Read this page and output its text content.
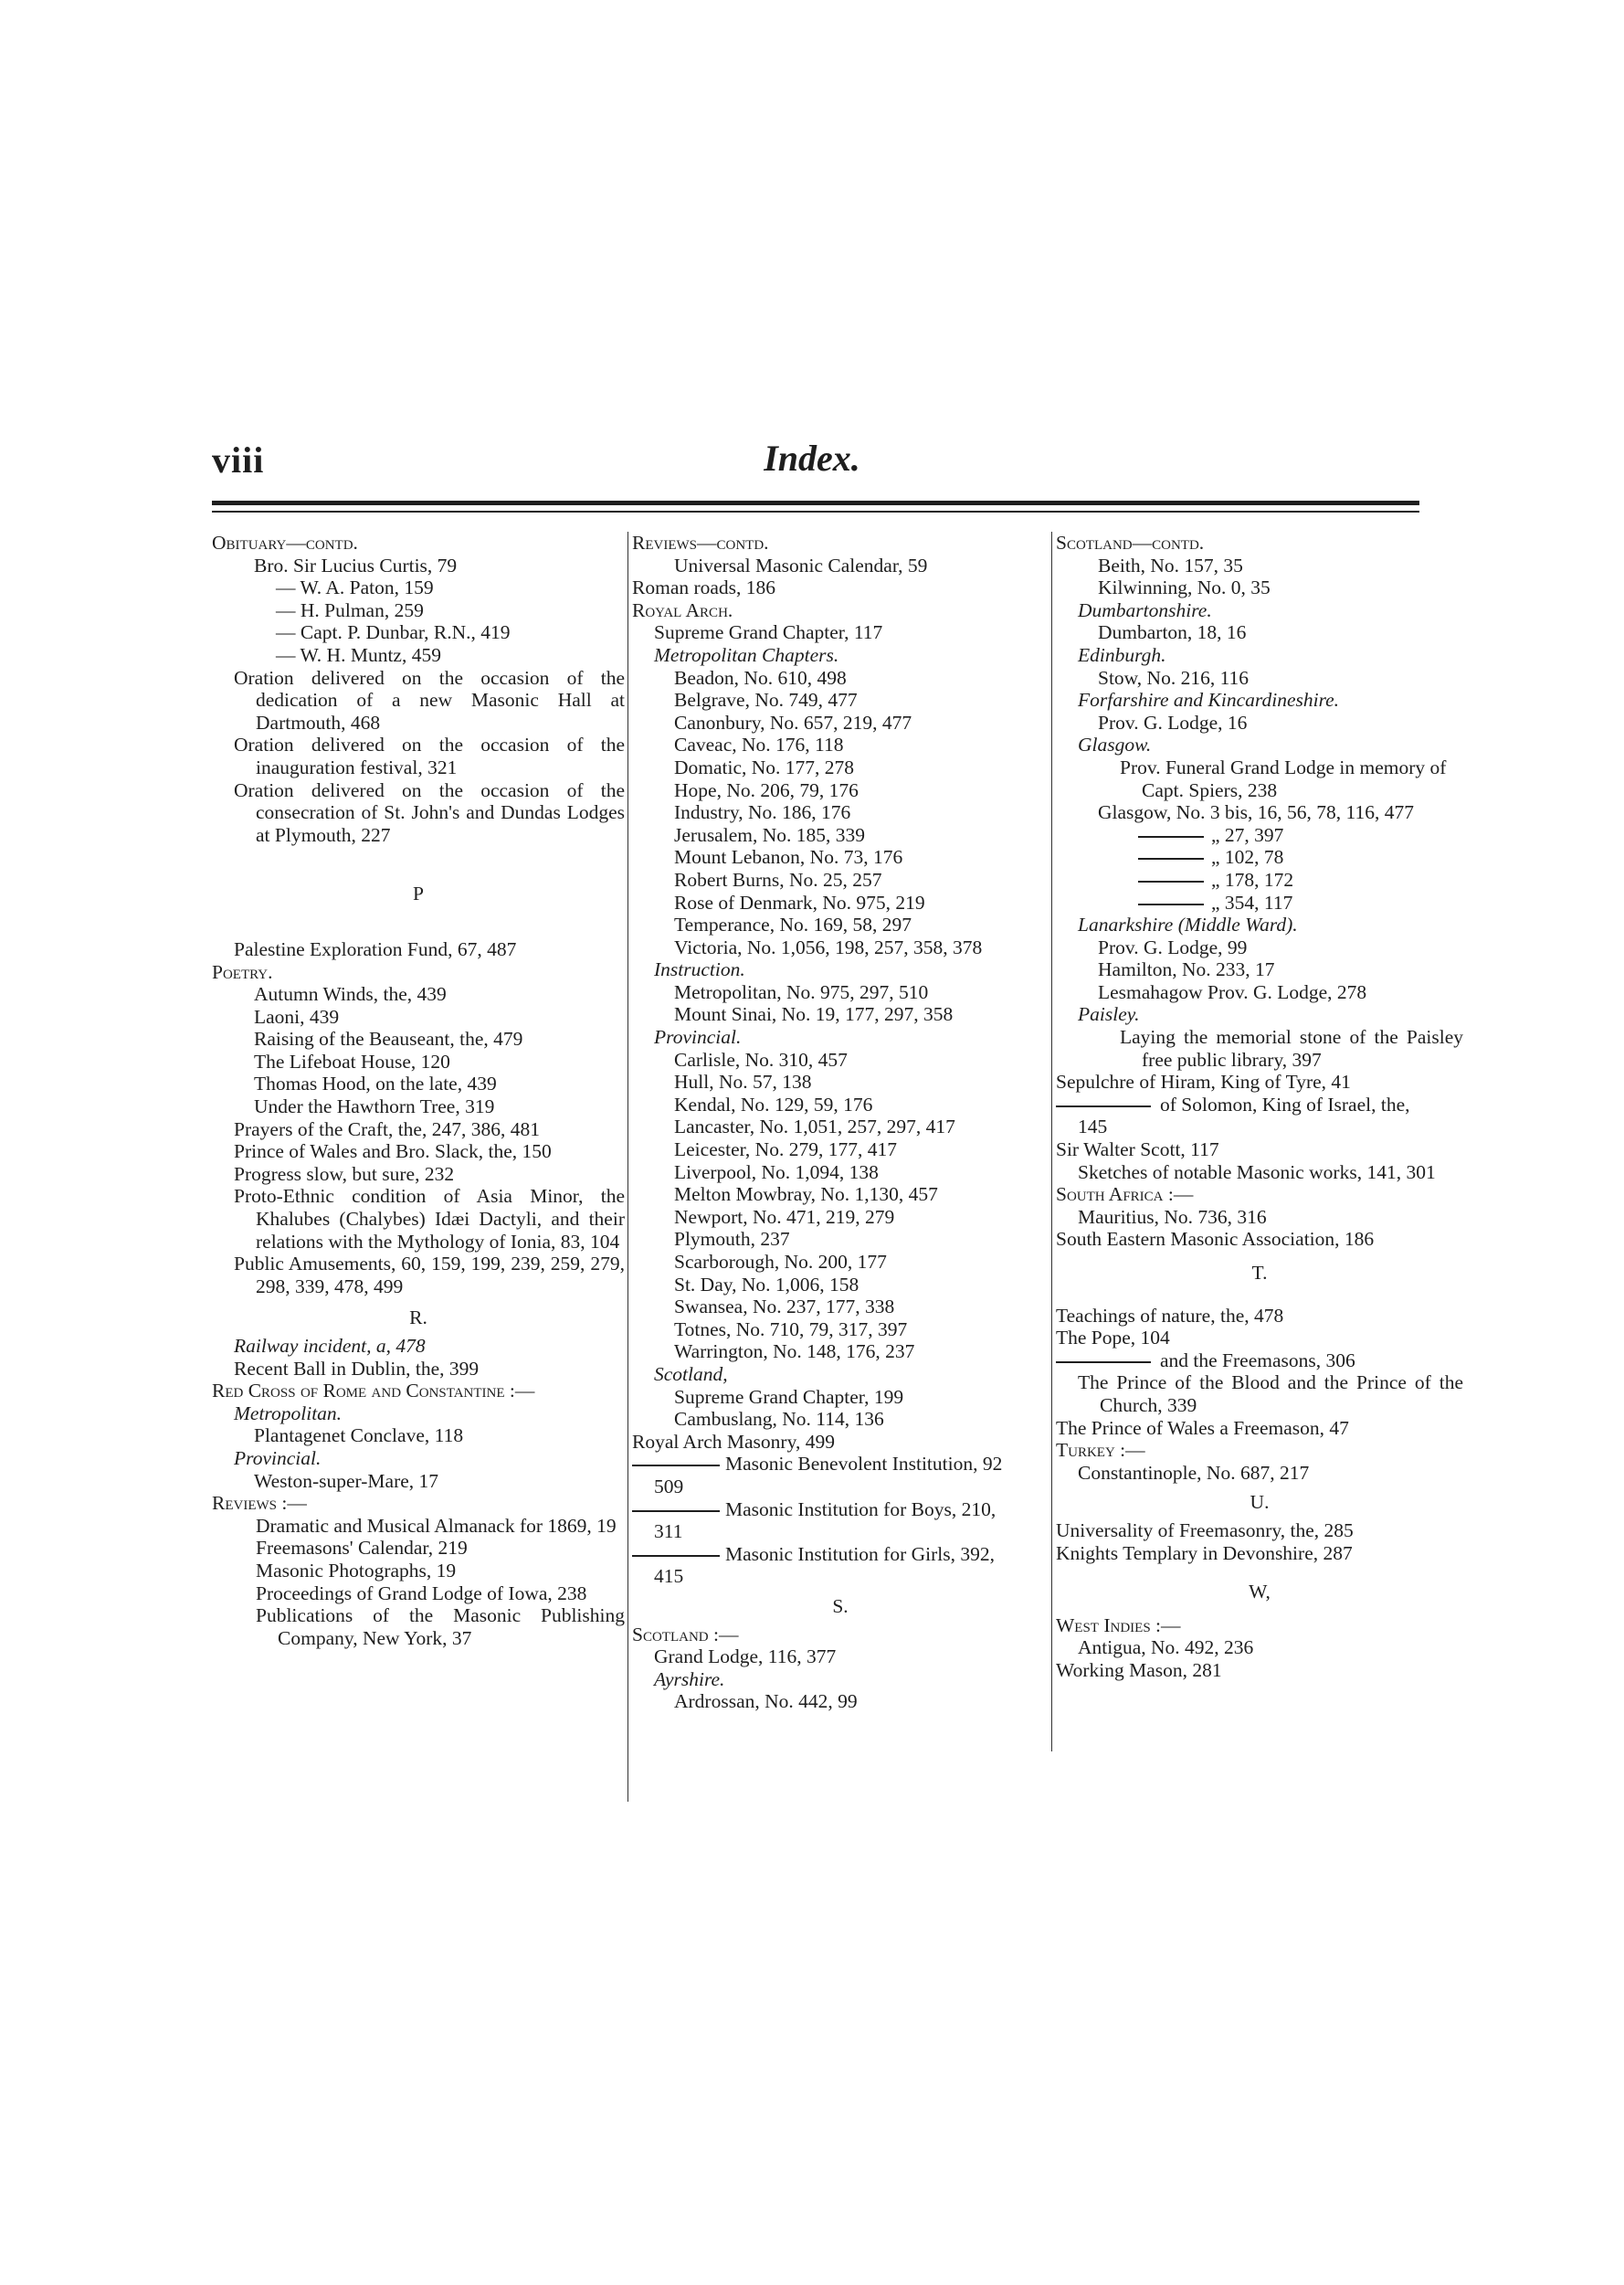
viii	Index.
Obituary—contd.
Bro. Sir Lucius Curtis, 79
— W. A. Paton, 159
— H. Pulman, 259
— Capt. P. Dunbar, R.N., 419
— W. H. Muntz, 459
Oration delivered on the occasion of the dedication of a new Masonic Hall at Dartmouth, 468
Oration delivered on the occasion of the inauguration festival, 321
Oration delivered on the occasion of the consecration of St. John's and Dundas Lodges at Plymouth, 227
P
Palestine Exploration Fund, 67, 487
Poetry.
Autumn Winds, the, 439
Laoni, 439
Raising of the Beauseant, the, 479
The Lifeboat House, 120
Thomas Hood, on the late, 439
Under the Hawthorn Tree, 319
Prayers of the Craft, the, 247, 386, 481
Prince of Wales and Bro. Slack, the, 150
Progress slow, but sure, 232
Proto-Ethnic condition of Asia Minor, the Khalubes (Chalybes) Idæi Dactyli, and their relations with the Mythology of Ionia, 83, 104
Public Amusements, 60, 159, 199, 239, 259, 279, 298, 339, 478, 499
R.
Railway incident, a, 478
Recent Ball in Dublin, the, 399
Red Cross of Rome and Constantine :—
Metropolitan.
Plantagenet Conclave, 118
Provincial.
Weston-super-Mare, 17
Reviews :—
Dramatic and Musical Almanack for 1869, 19
Freemasons' Calendar, 219
Masonic Photographs, 19
Proceedings of Grand Lodge of Iowa, 238
Publications of the Masonic Publishing Company, New York, 37
Reviews—contd.
Universal Masonic Calendar, 59
Roman roads, 186
Royal Arch.
Supreme Grand Chapter, 117
Metropolitan Chapters.
Beadon, No. 610, 498
Belgrave, No. 749, 477
Canonbury, No. 657, 219, 477
Caveac, No. 176, 118
Domatic, No. 177, 278
Hope, No. 206, 79, 176
Industry, No. 186, 176
Jerusalem, No. 185, 339
Mount Lebanon, No. 73, 176
Robert Burns, No. 25, 257
Rose of Denmark, No. 975, 219
Temperance, No. 169, 58, 297
Victoria, No. 1,056, 198, 257, 358, 378
Instruction.
Metropolitan, No. 975, 297, 510
Mount Sinai, No. 19, 177, 297, 358
Provincial.
Carlisle, No. 310, 457
Hull, No. 57, 138
Kendal, No. 129, 59, 176
Lancaster, No. 1,051, 257, 297, 417
Leicester, No. 279, 177, 417
Liverpool, No. 1,094, 138
Melton Mowbray, No. 1,130, 457
Newport, No. 471, 219, 279
Plymouth, 237
Scarborough, No. 200, 177
St. Day, No. 1,006, 158
Swansea, No. 237, 177, 338
Totnes, No. 710, 79, 317, 397
Warrington, No. 148, 176, 237
Scotland,
Supreme Grand Chapter, 199
Cambuslang, No. 114, 136
Royal Arch Masonry, 499
Masonic Benevolent Institution, 92
509
Masonic Institution for Boys, 210,
311
Masonic Institution for Girls, 392,
415
S.
Scotland :—
Grand Lodge, 116, 377
Ayrshire.
Ardrossan, No. 442, 99
Scotland—contd.
Beith, No. 157, 35
Kilwinning, No. 0, 35
Dumbartonshire.
Dumbarton, 18, 16
Edinburgh.
Stow, No. 216, 116
Forfarshire and Kincardineshire.
Prov. G. Lodge, 16
Glasgow.
Prov. Funeral Grand Lodge in memory of Capt. Spiers, 238
Glasgow, No. 3 bis, 16, 56, 78, 116, 477
„ 27, 397
„ 102, 78
„ 178, 172
„ 354, 117
Lanarkshire (Middle Ward).
Prov. G. Lodge, 99
Hamilton, No. 233, 17
Lesmahagow Prov. G. Lodge, 278
Paisley.
Laying the memorial stone of the Paisley free public library, 397
Sepulchre of Hiram, King of Tyre, 41
of Solomon, King of Israel, the,
145
Sir Walter Scott, 117
Sketches of notable Masonic works, 141, 301
South Africa :—
Mauritius, No. 736, 316
South Eastern Masonic Association, 186
T.
Teachings of nature, the, 478
The Pope, 104
and the Freemasons, 306
The Prince of the Blood and the Prince of the Church, 339
The Prince of Wales a Freemason, 47
Turkey :—
Constantinople, No. 687, 217
U.
Universality of Freemasonry, the, 285
Knights Templary in Devonshire, 287
W,
West Indies :—
Antigua, No. 492, 236
Working Mason, 281
